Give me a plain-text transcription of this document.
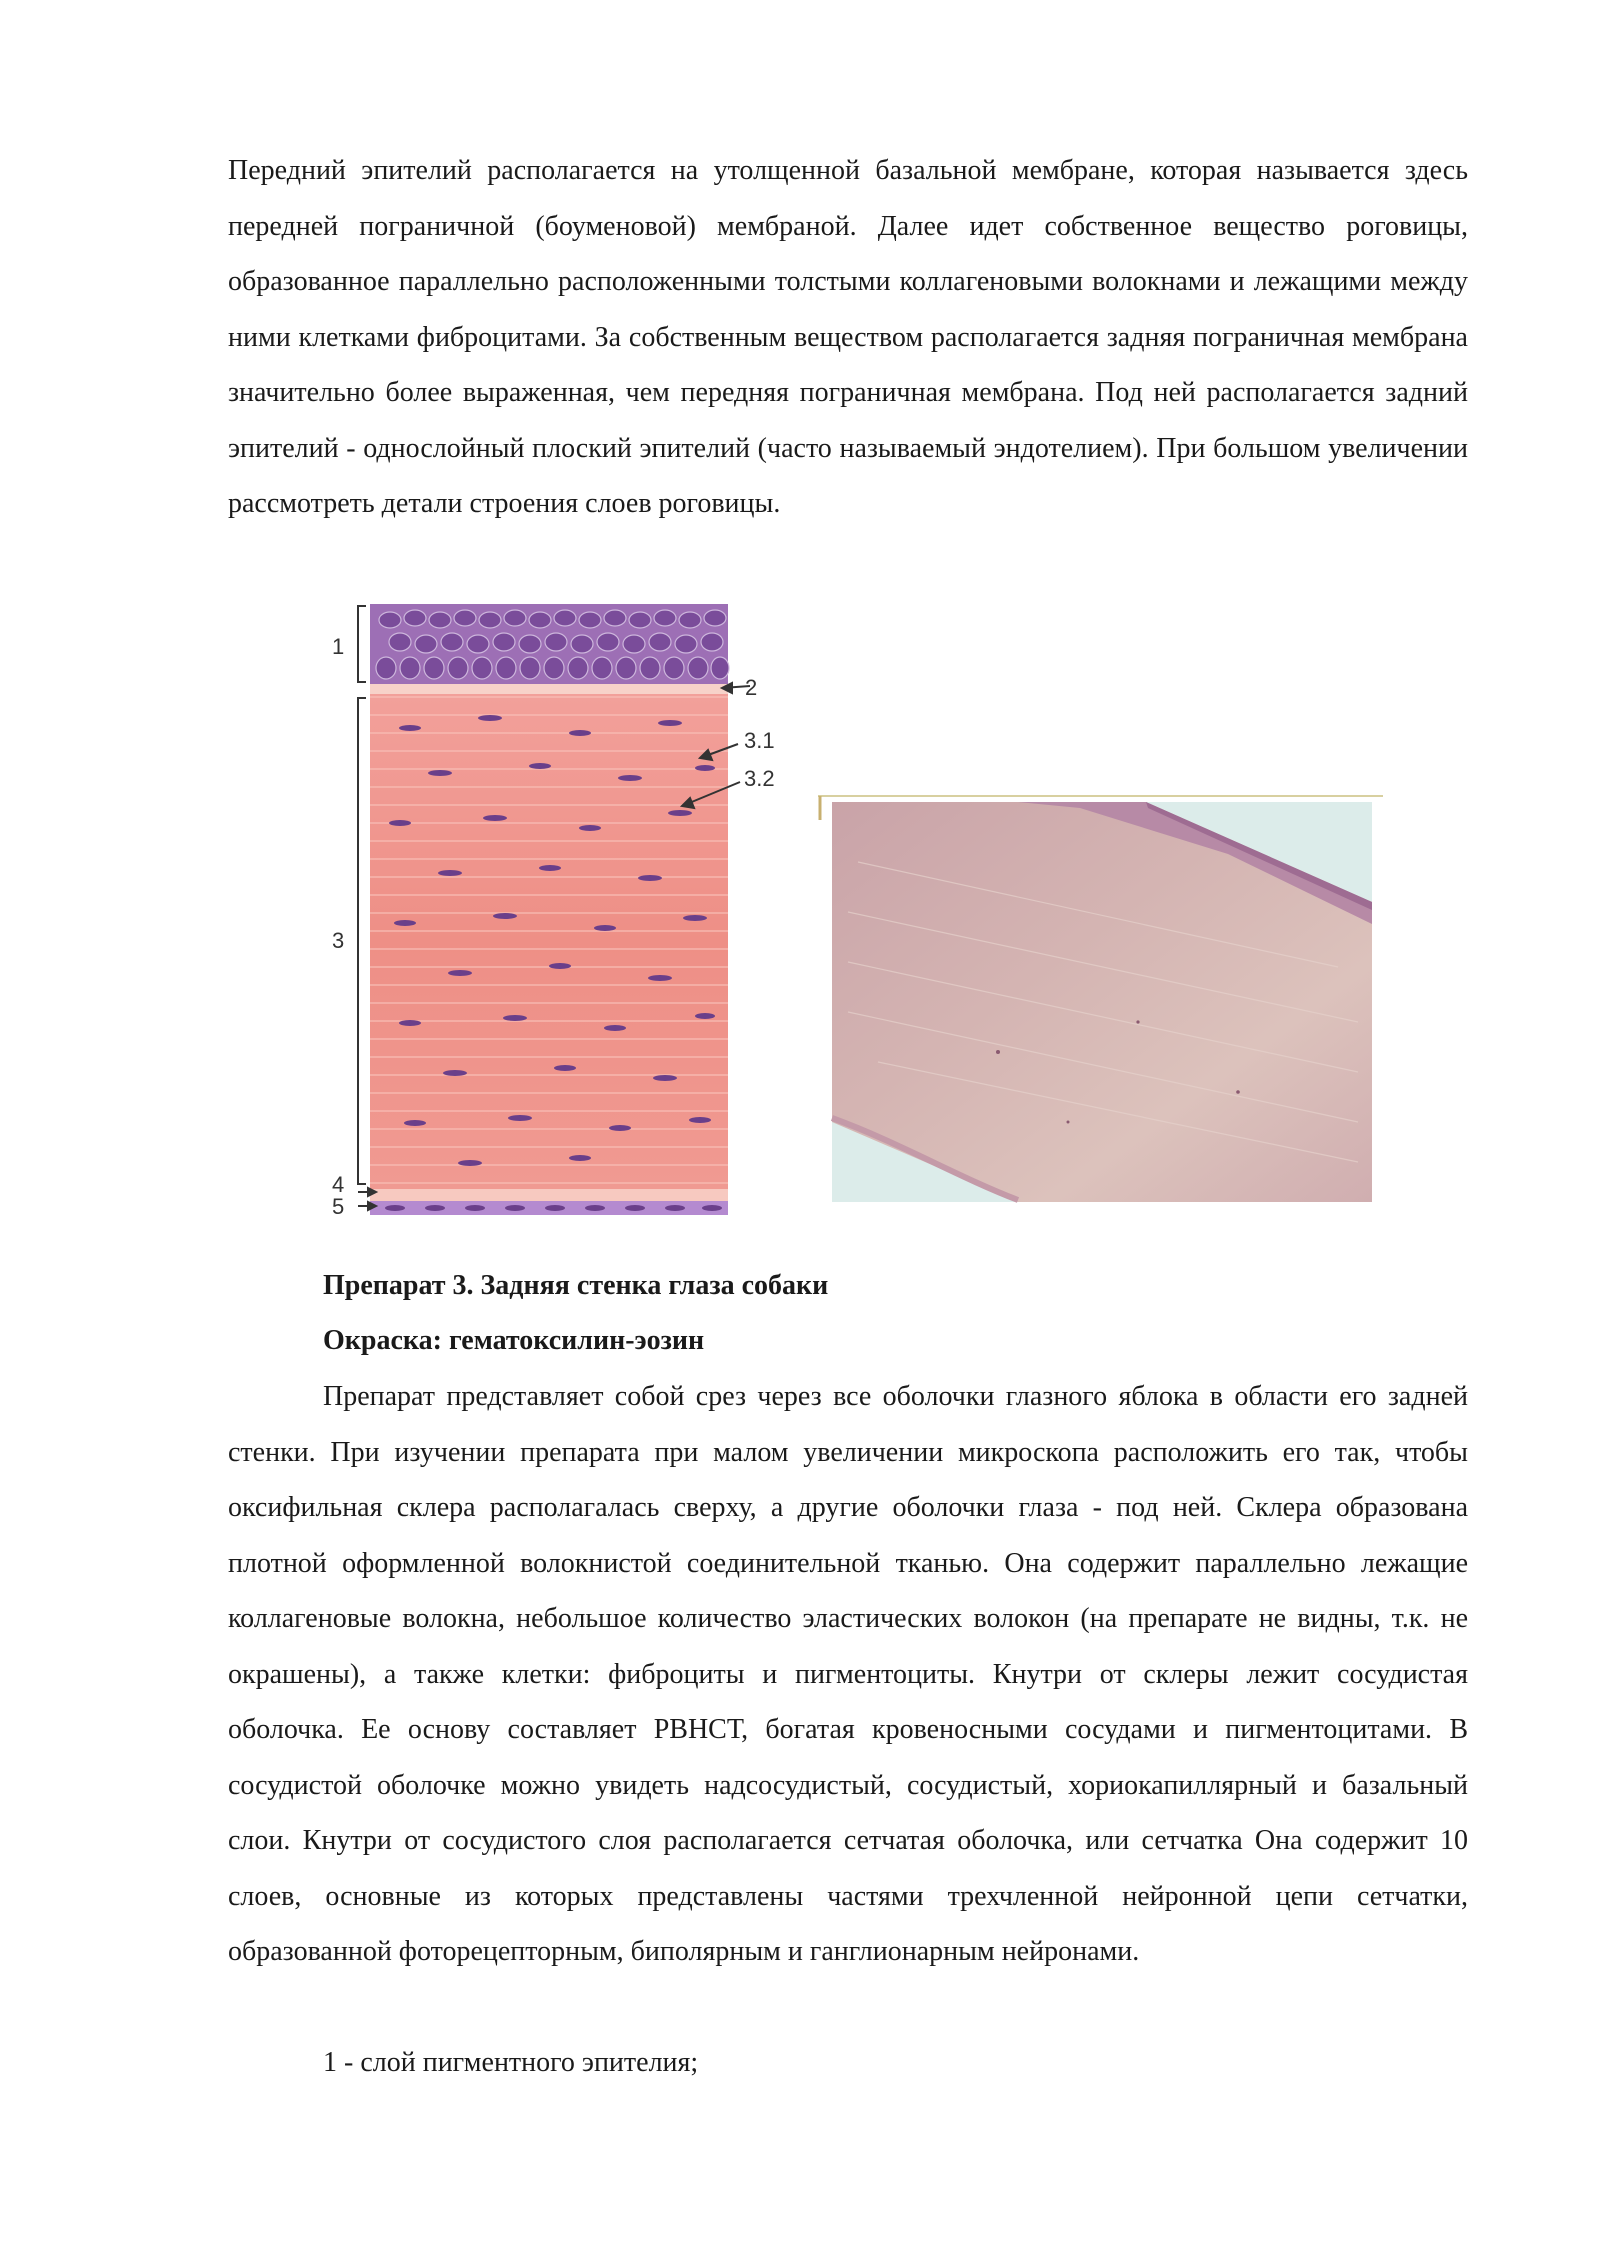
Передний эпителий располагается на утолщенной базальной мембране, которая называется здесь передней пограничной (боуменовой) мембраной. Далее идет собственное вещество роговицы, образованное параллельно расположенными толстыми коллагеновыми волокнами и лежащими между ними клетками фиброцитами. За собственным веществом располагается задняя пограничная мембрана значительно более выраженная, чем передняя пограничная мембрана. Под ней располагается задний эпителий - однослойный плоский эпителий (часто называемый эндотелием). При большом увеличении рассмотреть детали строения слоев роговицы.

1
2
3.1
3.2
3
4
5

Препарат 3. Задняя стенка глаза собаки

Окраска: гематоксилин-эозин

Препарат представляет собой срез через все оболочки глазного яблока в области его задней стенки. При изучении препарата при малом увеличении микроскопа расположить его так, чтобы оксифильная склера располагалась сверху, а другие оболочки глаза - под ней. Склера образована плотной оформленной волокнистой соединительной тканью. Она содержит параллельно лежащие коллагеновые волокна, небольшое количество эластических волокон (на препарате не видны, т.к. не окрашены), а также клетки: фиброциты и пигментоциты. Кнутри от склеры лежит сосудистая оболочка. Ее основу составляет РВНСТ, богатая кровеносными сосудами и пигментоцитами. В сосудистой оболочке можно увидеть надсосудистый, сосудистый, хориокапиллярный и базальный слои. Кнутри от сосудистого слоя располагается сетчатая оболочка, или сетчатка Она содержит 10 слоев, основные из которых представлены частями трехчленной нейронной цепи сетчатки, образованной фоторецепторным, биполярным и ганглионарным нейронами.

1 - слой пигментного эпителия;
